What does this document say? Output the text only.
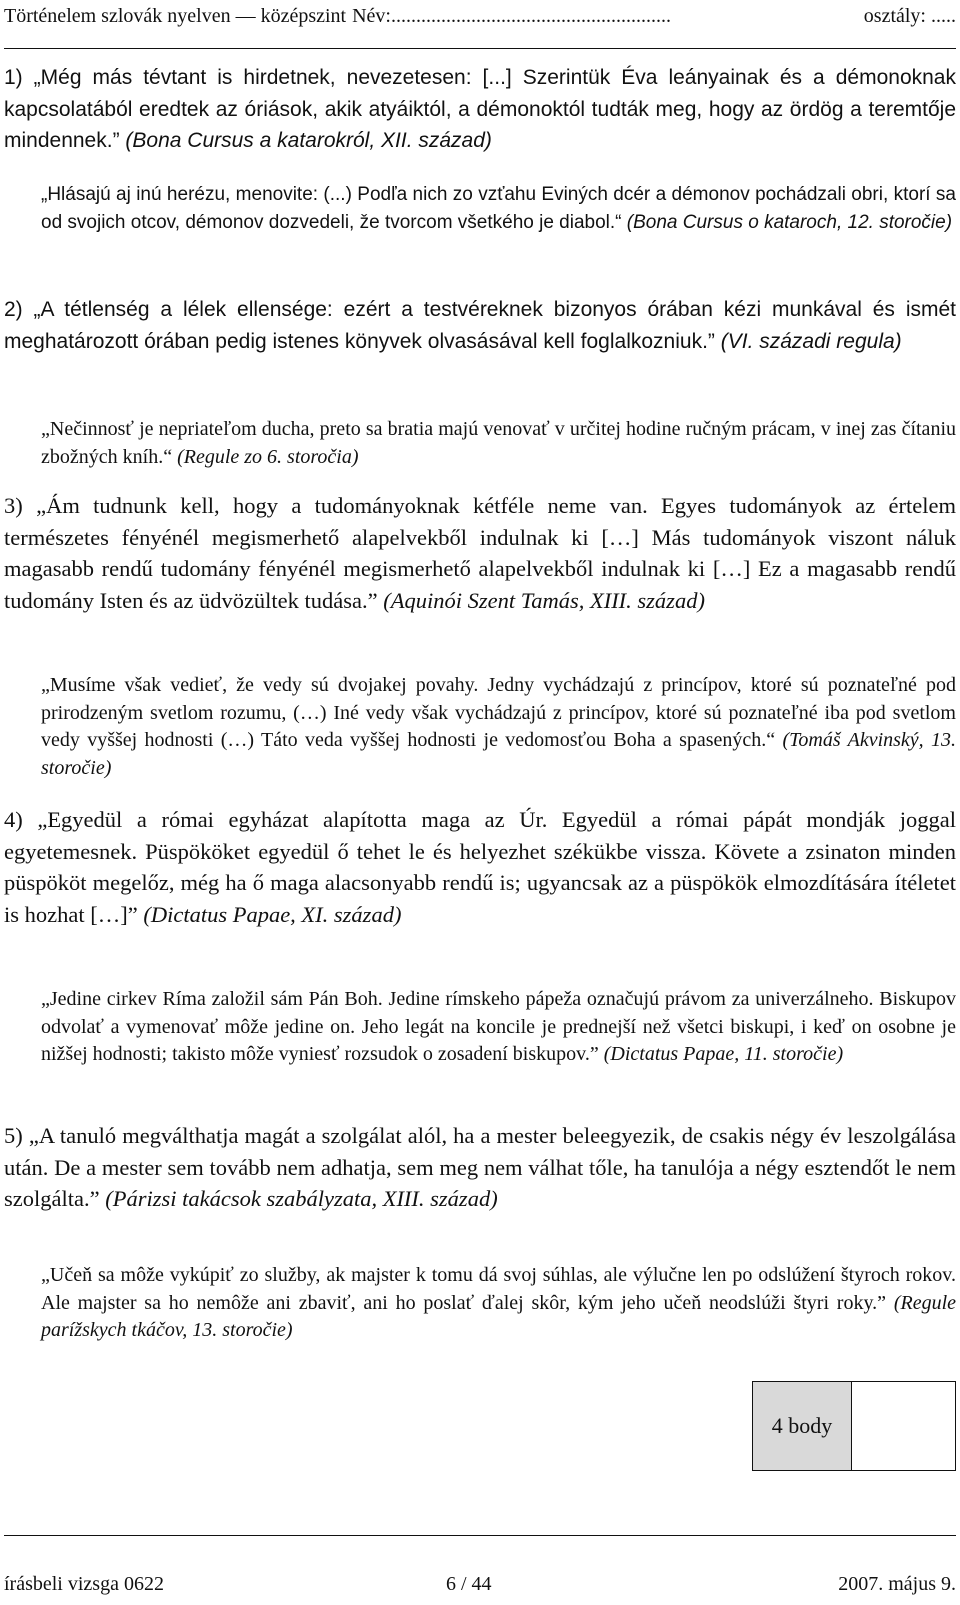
Történelem szlovák nyelven — középszint Név:........................................................	osztály: .....

1) „Még más tévtant is hirdetnek, nevezetesen: [...] Szerintük Éva leányainak és a démonoknak kapcsolatából eredtek az óriások, akik atyáiktól, a démonoktól tudták meg, hogy az ördög a teremtője mindennek.” (Bona Cursus a katarokról, XII. század)

„Hlásajú aj inú herézu, menovite: (...) Podľa nich zo vzťahu Eviných dcér a démonov pochádzali obri, ktorí sa od svojich otcov, démonov dozvedeli, že tvorcom všetkého je diabol.“ (Bona Cursus o kataroch, 12. storočie)

2) „A tétlenség a lélek ellensége: ezért a testvéreknek bizonyos órában kézi munkával és ismét meghatározott órában pedig istenes könyvek olvasásával kell foglalkozniuk.” (VI. századi regula)

„Nečinnosť je nepriateľom ducha, preto sa bratia majú venovať v určitej hodine ručným prácam, v inej zas čítaniu zbožných kníh.“ (Regule zo 6. storočia)

3) „Ám tudnunk kell, hogy a tudományoknak kétféle neme van. Egyes tudományok az értelem természetes fényénél megismerhető alapelvekből indulnak ki […] Más tudományok viszont náluk magasabb rendű tudomány fényénél megismerhető alapelvekből indulnak ki […] Ez a magasabb rendű tudomány Isten és az üdvözültek tudása.” (Aquinói Szent Tamás, XIII. század)

„Musíme však vedieť, že vedy sú dvojakej povahy. Jedny vychádzajú z princípov, ktoré sú poznateľné pod prirodzeným svetlom rozumu, (…) Iné vedy však vychádzajú z princípov, ktoré sú poznateľné iba pod svetlom vedy vyššej hodnosti (…) Táto veda vyššej hodnosti je vedomosťou Boha a spasených.“ (Tomáš Akvinský, 13. storočie)

4) „Egyedül a római egyházat alapította maga az Úr. Egyedül a római pápát mondják joggal egyetemesnek. Püspököket egyedül ő tehet le és helyezhet székükbe vissza. Követe a zsinaton minden püspököt megelőz, még ha ő maga alacsonyabb rendű is; ugyancsak az a püspökök elmozdítására ítéletet is hozhat […]” (Dictatus Papae, XI. század)

„Jedine cirkev Ríma založil sám Pán Boh. Jedine rímskeho pápeža označujú právom za univerzálneho. Biskupov odvolať a vymenovať môže jedine on. Jeho legát na koncile je prednejší než všetci biskupi, i keď on osobne je nižšej hodnosti; takisto môže vyniesť rozsudok o zosadení biskupov.” (Dictatus Papae, 11. storočie)

5) „A tanuló megválthatja magát a szolgálat alól, ha a mester beleegyezik, de csakis négy év leszolgálása után. De a mester sem tovább nem adhatja, sem meg nem válhat tőle, ha tanulója a négy esztendőt le nem szolgálta.” (Párizsi takácsok szabályzata, XIII. század)

„Učeň sa môže vykúpiť zo služby, ak majster k tomu dá svoj súhlas, ale výlučne len po odslúžení štyroch rokov. Ale majster sa ho nemôže ani zbaviť, ani ho poslať ďalej skôr, kým jeho učeň neodslúži štyri roky.” (Regule parížskych tkáčov, 13. storočie)

4 body
írásbeli vizsga 0622	6 / 44	2007. május 9.
